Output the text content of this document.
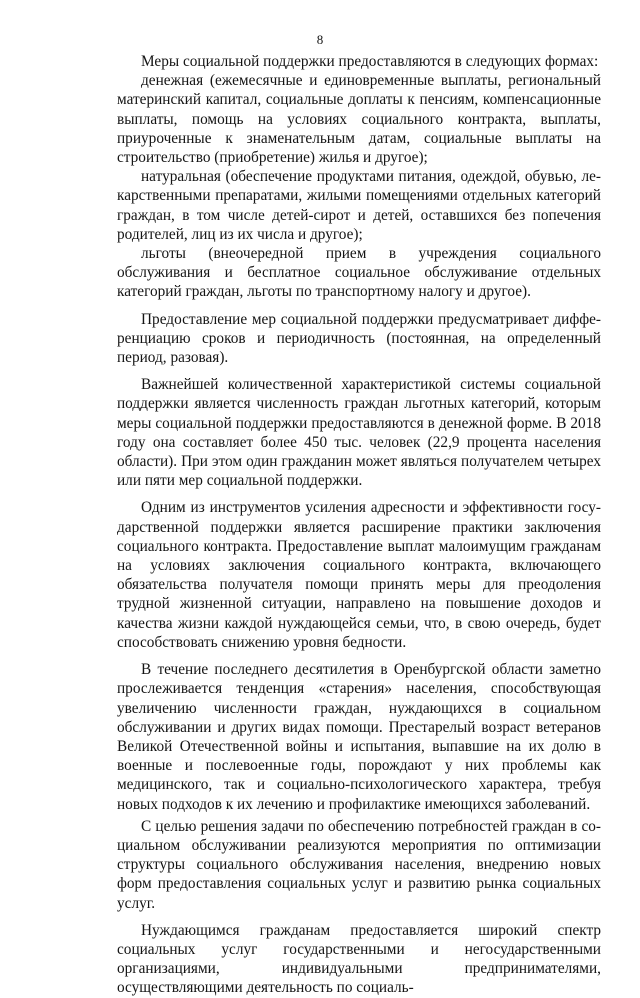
8

Меры социальной поддержки предоставляются в следующих формах:

денежная (ежемесячные и единовременные выплаты, региональный материнский капитал, социальные доплаты к пенсиям, компенсационные выплаты, помощь на условиях социального контракта, выплаты, приуроченные к знаменательным датам, социальные выплаты на строительство (приобретение) жилья и другое);

натуральная (обеспечение продуктами питания, одеждой, обувью, лекарственными препаратами, жилыми помещениями отдельных категорий граждан, в том числе детей-сирот и детей, оставшихся без попечения родителей, лиц из их числа и другое);

льготы (внеочередной прием в учреждения социального обслуживания и бесплатное социальное обслуживание отдельных категорий граждан, льготы по транспортному налогу и другое).

Предоставление мер социальной поддержки предусматривает дифференциацию сроков и периодичность (постоянная, на определенный период, разовая).

Важнейшей количественной характеристикой системы социальной поддержки является численность граждан льготных категорий, которым меры социальной поддержки предоставляются в денежной форме. В 2018 году она составляет более 450 тыс. человек (22,9 процента населения области). При этом один гражданин может являться получателем четырех или пяти мер социальной поддержки.

Одним из инструментов усиления адресности и эффективности государственной поддержки является расширение практики заключения социального контракта. Предоставление выплат малоимущим гражданам на условиях заключения социального контракта, включающего обязательства получателя помощи принять меры для преодоления трудной жизненной ситуации, направлено на повышение доходов и качества жизни каждой нуждающейся семьи, что, в свою очередь, будет способствовать снижению уровня бедности.

В течение последнего десятилетия в Оренбургской области заметно прослеживается тенденция «старения» населения, способствующая увеличению численности граждан, нуждающихся в социальном обслуживании и других видах помощи. Престарелый возраст ветеранов Великой Отечественной войны и испытания, выпавшие на их долю в военные и послевоенные годы, порождают у них проблемы как медицинского, так и социально-психологического характера, требуя новых подходов к их лечению и профилактике имеющихся заболеваний.

С целью решения задачи по обеспечению потребностей граждан в социальном обслуживании реализуются мероприятия по оптимизации структуры социального обслуживания населения, внедрению новых форм предоставления социальных услуг и развитию рынка социальных услуг.

Нуждающимся гражданам предоставляется широкий спектр социальных услуг государственными и негосударственными организациями, индивидуальными предпринимателями, осуществляющими деятельность по социаль-
